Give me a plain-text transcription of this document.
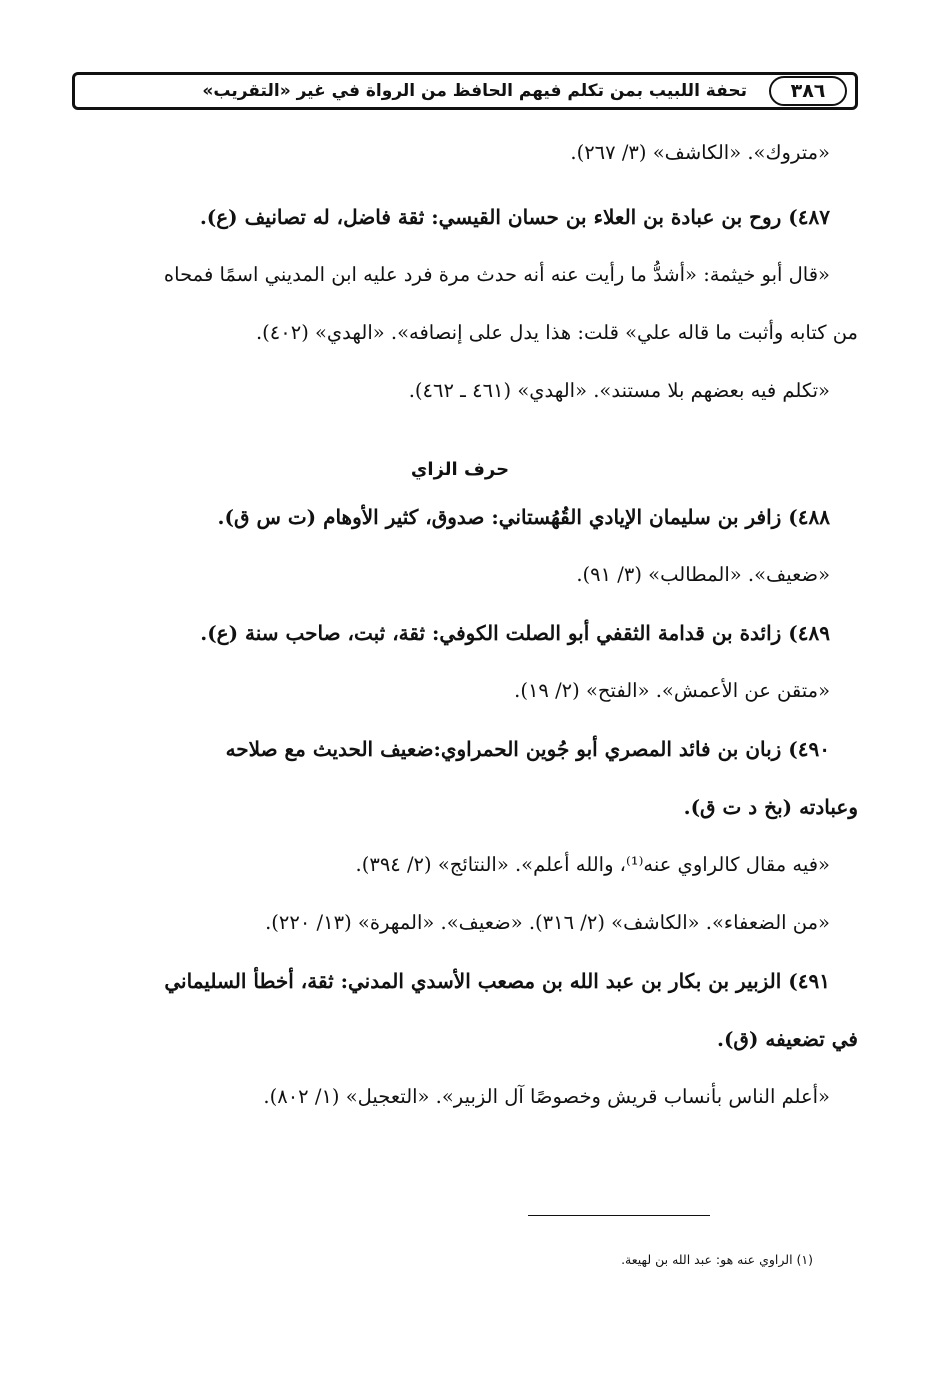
٣٨٦
تحفة اللبيب بمن تكلم فيهم الحافظ من الرواة في غير «التقريب»
«متروك». «الكاشف» (٣/ ٢٦٧).
٤٨٧) روح بن عبادة بن العلاء بن حسان القيسي: ثقة فاضل، له تصانيف (ع).
«قال أبو خيثمة: «أشدُّ ما رأيت عنه أنه حدث مرة فرد عليه ابن المديني اسمًا فمحاه
من كتابه وأثبت ما قاله علي» قلت: هذا يدل على إنصافه». «الهدي» (٤٠٢).
«تكلم فيه بعضهم بلا مستند». «الهدي» (٤٦١ ـ ٤٦٢).
حرف الزاي
٤٨٨) زافر بن سليمان الإيادي القُهُستاني: صدوق، كثير الأوهام (ت س ق).
«ضعيف». «المطالب» (٣/ ٩١).
٤٨٩) زائدة بن قدامة الثقفي أبو الصلت الكوفي: ثقة، ثبت، صاحب سنة (ع).
«متقن عن الأعمش». «الفتح» (٢/ ١٩).
٤٩٠) زبان بن فائد المصري أبو جُوين الحمراوي:ضعيف الحديث مع صلاحه
وعبادته (بخ د ت ق).
«فيه مقال كالراوي عنه⁽¹⁾، والله أعلم». «النتائج» (٢/ ٣٩٤).
«من الضعفاء». «الكاشف» (٢/ ٣١٦). «ضعيف». «المهرة» (١٣/ ٢٢٠).
٤٩١) الزبير بن بكار بن عبد الله بن مصعب الأسدي المدني: ثقة، أخطأ السليماني
في تضعيفه (ق).
«أعلم الناس بأنساب قريش وخصوصًا آل الزبير». «التعجيل» (١/ ٨٠٢).
(١) الراوي عنه هو: عبد الله بن لهيعة.
